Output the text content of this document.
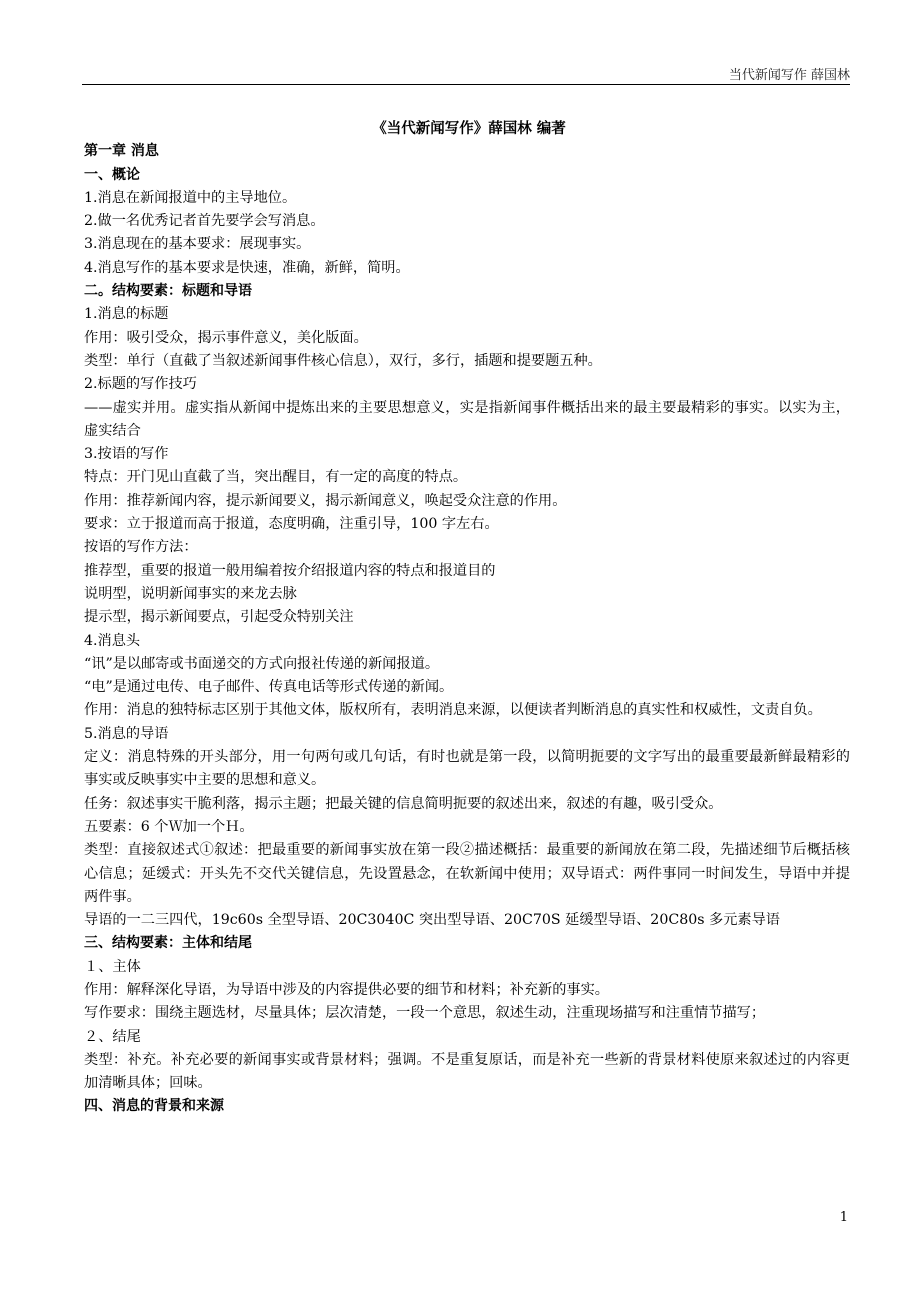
当代新闻写作 薛国林
《当代新闻写作》薛国林 编著
第一章 消息
一、概论
1.消息在新闻报道中的主导地位。
2.做一名优秀记者首先要学会写消息。
3.消息现在的基本要求：展现事实。
4.消息写作的基本要求是快速，准确，新鲜，简明。
二。结构要素：标题和导语
1.消息的标题
作用：吸引受众，揭示事件意义，美化版面。
类型：单行（直截了当叙述新闻事件核心信息），双行，多行，插题和提要题五种。
2.标题的写作技巧
——虚实并用。虚实指从新闻中提炼出来的主要思想意义，实是指新闻事件概括出来的最主要最精彩的事实。以实为主，虚实结合
3.按语的写作
特点：开门见山直截了当，突出醒目，有一定的高度的特点。
作用：推荐新闻内容，提示新闻要义，揭示新闻意义，唤起受众注意的作用。
要求：立于报道而高于报道，态度明确，注重引导，100 字左右。
按语的写作方法：
推荐型，重要的报道一般用编着按介绍报道内容的特点和报道目的
说明型，说明新闻事实的来龙去脉
提示型，揭示新闻要点，引起受众特别关注
4.消息头
“讯”是以邮寄或书面递交的方式向报社传递的新闻报道。
“电”是通过电传、电子邮件、传真电话等形式传递的新闻。
作用：消息的独特标志区别于其他文体，版权所有，表明消息来源，以便读者判断消息的真实性和权威性，文责自负。
5.消息的导语
定义：消息特殊的开头部分，用一句两句或几句话，有时也就是第一段，以简明扼要的文字写出的最重要最新鲜最精彩的事实或反映事实中主要的思想和意义。
任务：叙述事实干脆利落，揭示主题；把最关键的信息简明扼要的叙述出来，叙述的有趣，吸引受众。
五要素：6 个Ｗ加一个Ｈ。
类型：直接叙述式①叙述：把最重要的新闻事实放在第一段②描述概括：最重要的新闻放在第二段，先描述细节后概括核心信息；延缓式：开头先不交代关键信息，先设置悬念，在软新闻中使用；双导语式：两件事同一时间发生，导语中并提两件事。
导语的一二三四代，19c60s 全型导语、20C3040C 突出型导语、20C70S 延缓型导语、20C80s 多元素导语
三、结构要素：主体和结尾
１、主体
作用：解释深化导语，为导语中涉及的内容提供必要的细节和材料；补充新的事实。
写作要求：围绕主题选材，尽量具体；层次清楚，一段一个意思，叙述生动，注重现场描写和注重情节描写；
２、结尾
类型：补充。补充必要的新闻事实或背景材料；强调。不是重复原话，而是补充一些新的背景材料使原来叙述过的内容更加清晰具体；回味。
四、消息的背景和来源
1
